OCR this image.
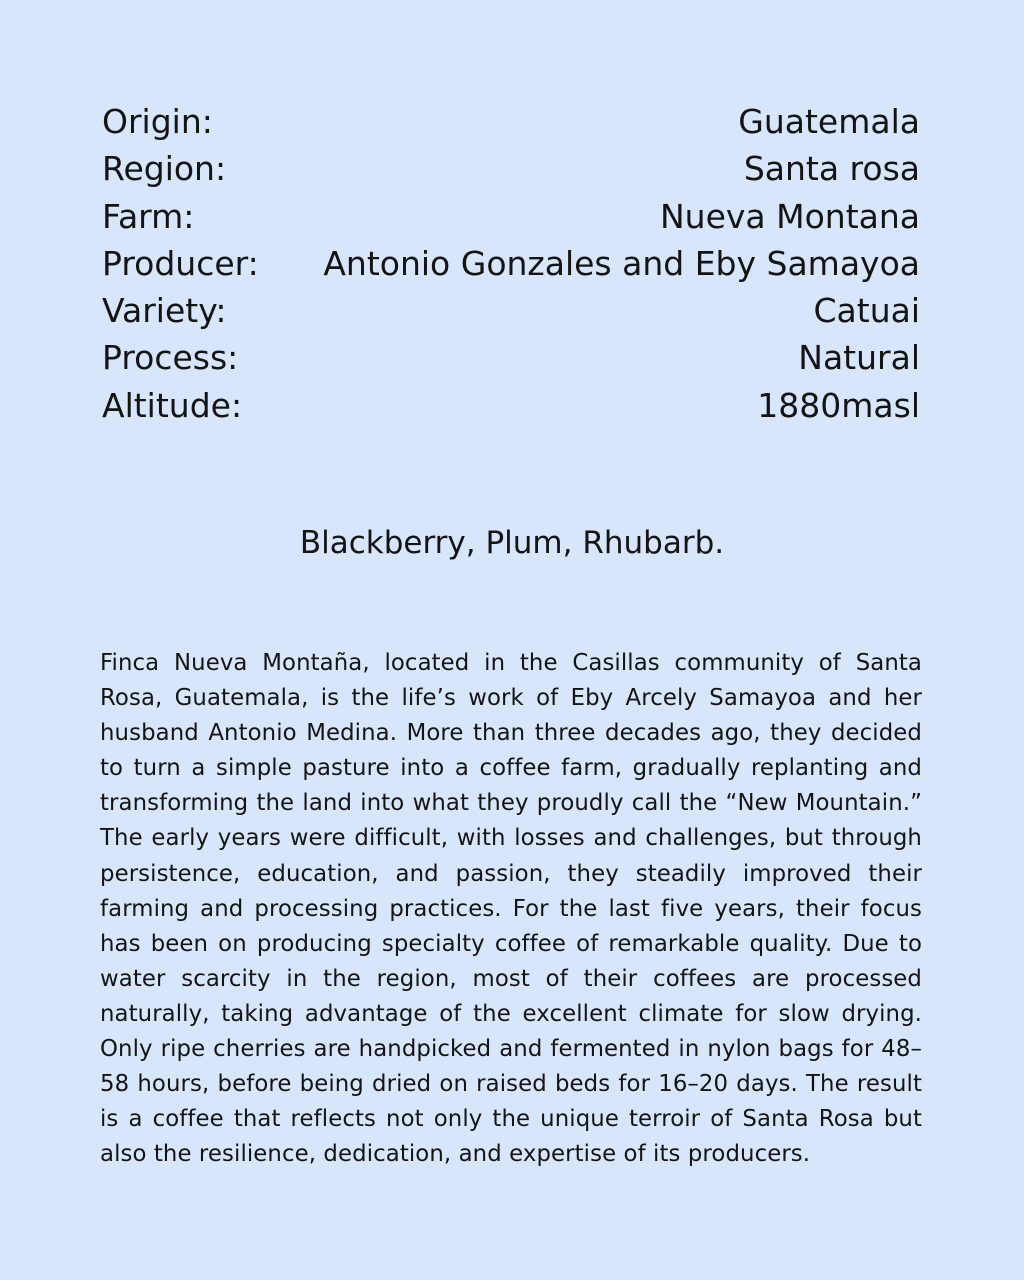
Origin:	Guatemala
Region:	Santa rosa
Farm:	Nueva Montana
Producer: Antonio Gonzales and Eby Samayoa
Variety:	Catuai
Process:	Natural
Altitude:	1880masl
Blackberry, Plum, Rhubarb.

Finca Nueva Montaña, located in the Casillas community of Santa Rosa, Guatemala, is the life’s work of Eby Arcely Samayoa and her husband Antonio Medina. More than three decades ago, they decided to turn a simple pasture into a coffee farm, gradually replanting and transforming the land into what they proudly call the “New Mountain.” The early years were difficult, with losses and challenges, but through persistence, education, and passion, they steadily improved their farming and processing practices. For the last five years, their focus has been on producing specialty coffee of remarkable quality. Due to water scarcity in the region, most of their coffees are processed naturally, taking advantage of the excellent climate for slow drying. Only ripe cherries are handpicked and fermented in nylon bags for 48–58 hours, before being dried on raised beds for 16–20 days. The result is a coffee that reflects not only the unique terroir of Santa Rosa but also the resilience, dedication, and expertise of its producers.
